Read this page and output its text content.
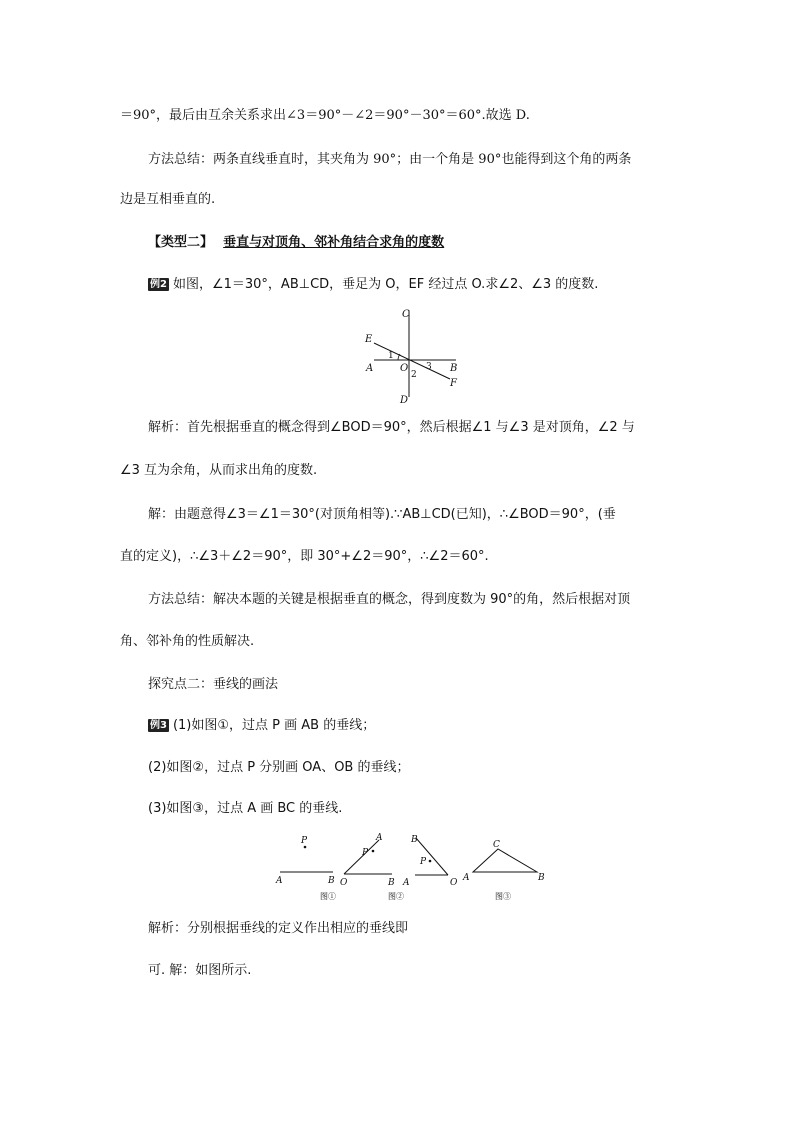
＝90°，最后由互余关系求出∠3＝90°－∠2＝90°－30°＝60°.故选 D.
方法总结：两条直线垂直时，其夹角为 90°；由一个角是 90°也能得到这个角的两条
边是互相垂直的.
【类型二】 垂直与对顶角、邻补角结合求角的度数
例2 如图，∠1＝30°，AB⊥CD，垂足为 O，EF 经过点 O.求∠2、∠3 的度数.
C
E
1
A	O 3 B
2
F
D
解析：首先根据垂直的概念得到∠BOD＝90°，然后根据∠1 与∠3 是对顶角，∠2 与
∠3 互为余角，从而求出角的度数.
解：由题意得∠3＝∠1＝30°(对顶角相等).∵AB⊥CD(已知)，∴∠BOD＝90°，(垂
直的定义)，∴∠3＋∠2＝90°，即 30°+∠2＝90°，∴∠2＝60°.
方法总结：解决本题的关键是根据垂直的概念，得到度数为 90°的角，然后根据对顶
角、邻补角的性质解决.
探究点二：垂线的画法
例3 (1)如图①，过点 P 画 AB 的垂线；
(2)如图②，过点 P 分别画 OA、OB 的垂线；
(3)如图③，过点 A 画 BC 的垂线.
P
A	B
图①
A
P
O	B
图②
B
P
A	O
C
A	B
图③
解析：分别根据垂线的定义作出相应的垂线即
可. 解：如图所示.
